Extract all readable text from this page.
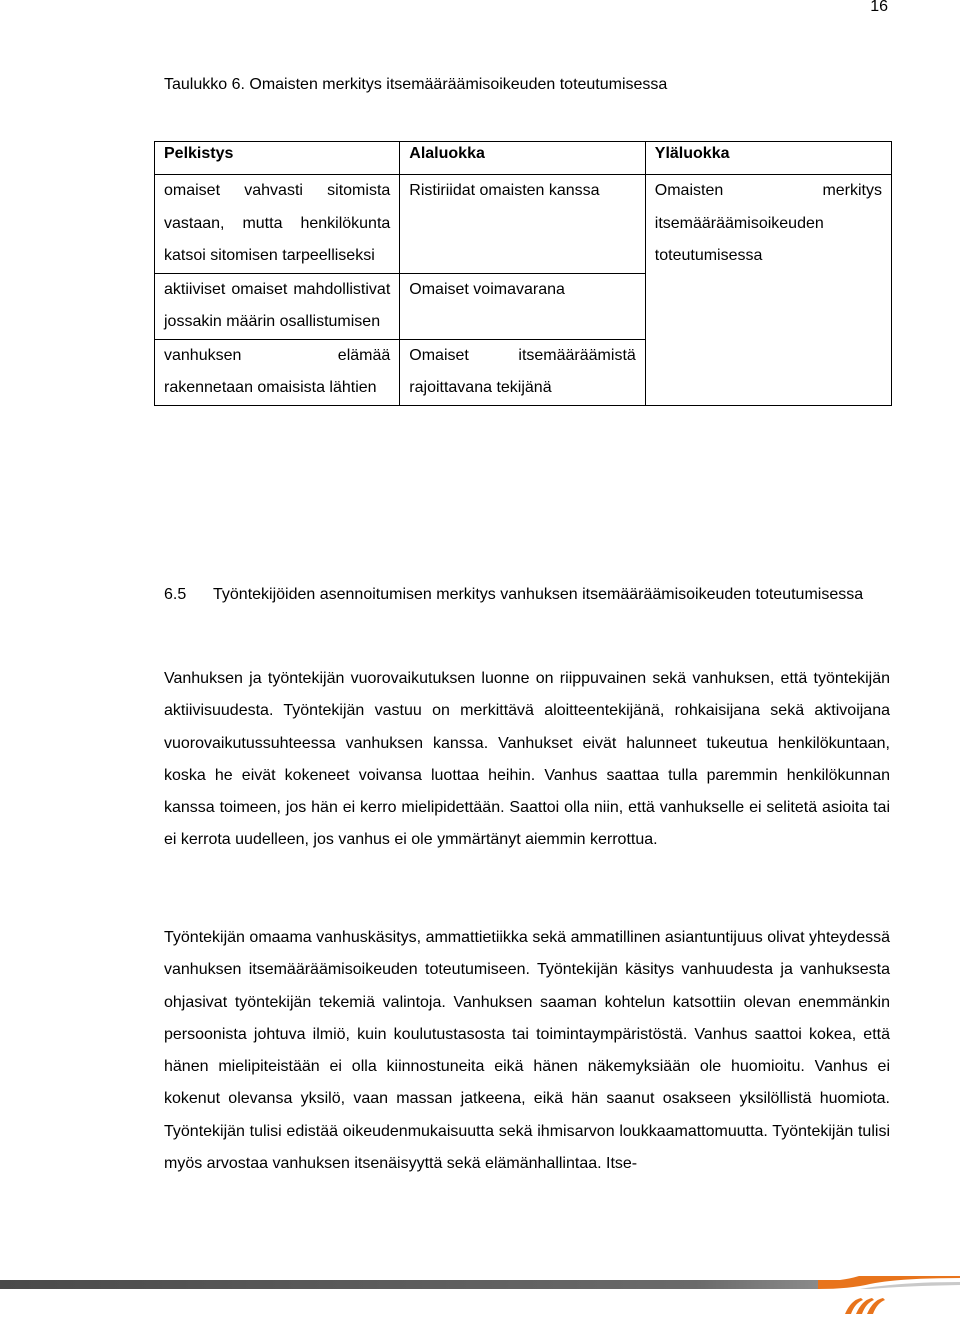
16
Taulukko 6. Omaisten merkitys itsemääräämisoikeuden toteutumisessa
Pelkistys	Alaluokka	Yläluokka
omaiset vahvasti sitomista vastaan, mutta henkilökunta katsoi sitomisen tarpeelliseksi	Ristiriidat omaisten kanssa	Omaisten merkitys itsemääräämisoikeuden toteutumisessa
aktiiviset omaiset mahdollistivat jossakin määrin osallistumisen	Omaiset voimavarana	
vanhuksen elämää rakennetaan omaisista lähtien	Omaiset itsemääräämistä rajoittavana tekijänä	
6.5 Työntekijöiden asennoitumisen merkitys vanhuksen itsemääräämisoikeuden toteutumisessa

Vanhuksen ja työntekijän vuorovaikutuksen luonne on riippuvainen sekä vanhuksen, että työntekijän aktiivisuudesta. Työntekijän vastuu on merkittävä aloitteentekijänä, rohkaisijana sekä aktivoijana vuorovaikutussuhteessa vanhuksen kanssa. Vanhukset eivät halunneet tukeutua henkilökuntaan, koska he eivät kokeneet voivansa luottaa heihin. Vanhus saattaa tulla paremmin henkilökunnan kanssa toimeen, jos hän ei kerro mielipidettään. Saattoi olla niin, että vanhukselle ei selitetä asioita tai ei kerrota uudelleen, jos vanhus ei ole ymmärtänyt aiemmin kerrottua.

Työntekijän omaama vanhuskäsitys, ammattietiikka sekä ammatillinen asiantuntijuus olivat yhteydessä vanhuksen itsemääräämisoikeuden toteutumiseen. Työntekijän käsitys vanhuudesta ja vanhuksesta ohjasivat työntekijän tekemiä valintoja. Vanhuksen saaman kohtelun katsottiin olevan enemmänkin persoonista johtuva ilmiö, kuin koulutustasosta tai toimintaympäristöstä. Vanhus saattoi kokea, että hänen mielipiteistään ei olla kiinnostuneita eikä hänen näkemyksiään ole huomioitu. Vanhus ei kokenut olevansa yksilö, vaan massan jatkeena, eikä hän saanut osakseen yksilöllistä huomiota. Työntekijän tulisi edistää oikeudenmukaisuutta sekä ihmisarvon loukkaamattomuutta. Työntekijän tulisi myös arvostaa vanhuksen itsenäisyyttä sekä elämänhallintaa. Itse-
